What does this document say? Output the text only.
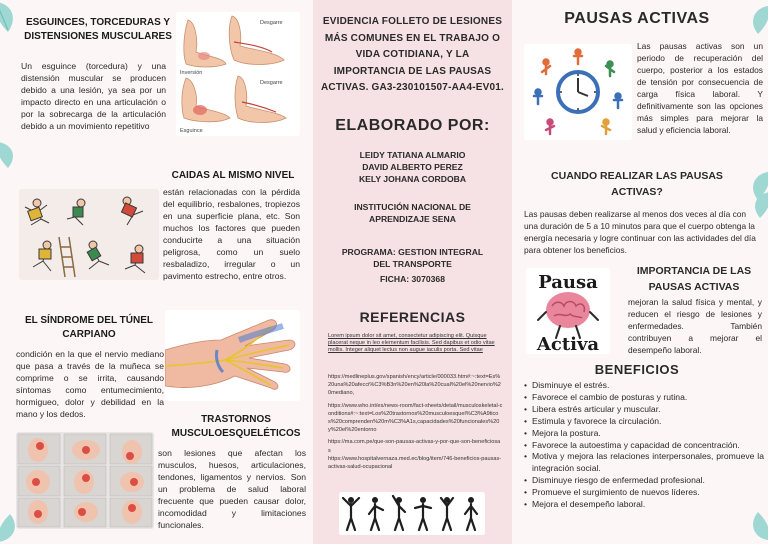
ESGUINCES, TORCEDURAS Y DISTENSIONES MUSCULARES
Un esguince (torcedura) y una distensión muscular se producen debido a una lesión, ya sea por un impacto directo en una articulación o por la sobrecarga de la articulación debido a un movimiento repetitivo
Desgarre
Inversión
Esguince
Desgarre
CAIDAS AL MISMO NIVEL
están relacionadas con la pérdida del equilibrio, resbalones, tropiezos en una superficie plana, etc. Son muchos los factores que pueden conducirte a una situación peligrosa, como un suelo resbaladizo, irregular o un pavimento estrecho, entre otros.
EL SÍNDROME DEL TÚNEL CARPIANO
condición en la que el nervio mediano que pasa a través de la muñeca se comprime o se irrita, causando síntomas como entumecimiento, hormigueo, dolor y debilidad en la mano y los dedos.	TRASTORNOS MUSCULOESQUELÉTICOS
son lesiones que afectan los musculos, huesos, articulaciones, tendones, ligamentos y nervios. Son un problema de salud laboral frecuente que pueden causar dolor, incomodidad y limitaciones funcionales.
EVIDENCIA FOLLETO DE LESIONES MÁS COMUNES EN EL TRABAJO O VIDA COTIDIANA, Y LA IMPORTANCIA DE LAS PAUSAS ACTIVAS. GA3-230101507-AA4-EV01.
ELABORADO POR:
LEIDY TATIANA ALMARIO
DAVID ALBERTO PEREZ
KELY JOHANA CORDOBA
INSTITUCIÓN NACIONAL DE APRENDIZAJE SENA
PROGRAMA: GESTION INTEGRAL DEL TRANSPORTE
FICHA: 3070368
REFERENCIAS
Lorem ipsum dolor sit amet, consectetur adipiscing elit. Quisque placerat neque in leo elementum facilisis. Sed dapibus et odio vitae mollis. Integer aliquet lectus non augue iaculis porta. Sed vitae
https://medlineplus.gov/spanish/ency/article/000033.htm#:~:text=Es%20una%20afecci%C3%B3n%20en%20la%20cual%20el%20nervio%20mediano,
https://www.who.int/es/news-room/fact-sheets/detail/musculoskeletal-conditions#:~:text=Los%20trastornos%20musculoesquel%C3%A9ticos%20comprenden%20m%C3%A1s,capacidades%20funcionales%20y%20el%20entorno
https://ma.com.pe/que-son-pausas-activas-y-por-que-son-beneficiosas
https://www.hospitalvernaza.med.ec/blog/item/746-beneficios-pausas-activas-salud-ocupacional
PAUSAS ACTIVAS
Las pausas activas son un periodo de recuperación del cuerpo, posterior a los estados de tensión por consecuencia de carga física laboral. Y definitivamente son las opciones más simples para mejorar la salud y eficiencia laboral.
CUANDO REALIZAR LAS PAUSAS ACTIVAS?
Las pausas deben realizarse al menos dos veces al día con una duración de 5 a 10 minutos para que el cuerpo obtenga la energía necesaria y logre continuar con las actividades del día para obtener los beneficios.
Pausa
Activa
IMPORTANCIA DE LAS PAUSAS ACTIVAS
mejoran la salud física y mental, y reducen el riesgo de lesiones y enfermedades. También contribuyen a mejorar el desempeño laboral.
BENEFICIOS
• Disminuye el estrés.
• Favorece el cambio de posturas y rutina.
• Libera estrés articular y muscular.
• Estimula y favorece la circulación.
• Mejora la postura.
• Favorece la autoestima y capacidad de concentración.
• Motiva y mejora las relaciones interpersonales, promueve la integración social.
• Disminuye riesgo de enfermedad profesional.
• Promueve el surgimiento de nuevos líderes.
• Mejora el desempeño laboral.
